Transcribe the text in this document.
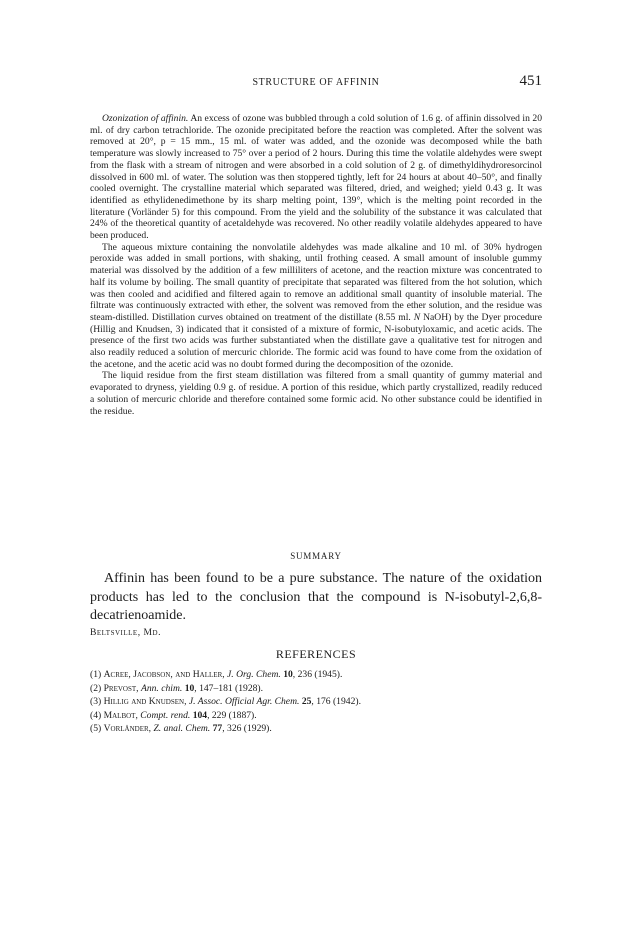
STRUCTURE OF AFFININ	451

Ozonization of affinin. An excess of ozone was bubbled through a cold solution of 1.6 g. of affinin dissolved in 20 ml. of dry carbon tetrachloride. The ozonide precipitated before the reaction was completed. After the solvent was removed at 20°, p = 15 mm., 15 ml. of water was added, and the ozonide was decomposed while the bath temperature was slowly increased to 75° over a period of 2 hours. During this time the volatile aldehydes were swept from the flask with a stream of nitrogen and were absorbed in a cold solution of 2 g. of dimethyldihydroresorcinol dissolved in 600 ml. of water. The solution was then stoppered tightly, left for 24 hours at about 40–50°, and finally cooled overnight. The crystalline material which separated was filtered, dried, and weighed; yield 0.43 g. It was identified as ethylidenedimethone by its sharp melting point, 139°, which is the melting point recorded in the literature (Vorländer 5) for this compound. From the yield and the solubility of the substance it was calculated that 24% of the theoretical quantity of acetaldehyde was recovered. No other readily volatile aldehydes appeared to have been produced.

The aqueous mixture containing the nonvolatile aldehydes was made alkaline and 10 ml. of 30% hydrogen peroxide was added in small portions, with shaking, until frothing ceased. A small amount of insoluble gummy material was dissolved by the addition of a few milliliters of acetone, and the reaction mixture was concentrated to half its volume by boiling. The small quantity of precipitate that separated was filtered from the hot solution, which was then cooled and acidified and filtered again to remove an additional small quantity of insoluble material. The filtrate was continuously extracted with ether, the solvent was removed from the ether solution, and the residue was steam-distilled. Distillation curves obtained on treatment of the distillate (8.55 ml. N NaOH) by the Dyer procedure (Hillig and Knudsen, 3) indicated that it consisted of a mixture of formic, N-isobutyloxamic, and acetic acids. The presence of the first two acids was further substantiated when the distillate gave a qualitative test for nitrogen and also readily reduced a solution of mercuric chloride. The formic acid was found to have come from the oxidation of the acetone, and the acetic acid was no doubt formed during the decomposition of the ozonide.

The liquid residue from the first steam distillation was filtered from a small quantity of gummy material and evaporated to dryness, yielding 0.9 g. of residue. A portion of this residue, which partly crystallized, readily reduced a solution of mercuric chloride and therefore contained some formic acid. No other substance could be identified in the residue.

SUMMARY

Affinin has been found to be a pure substance. The nature of the oxidation products has led to the conclusion that the compound is N-isobutyl-2,6,8-decatrienoamide.

Beltsville, Md.
REFERENCES
(1) Acree, Jacobson, and Haller, J. Org. Chem. 10, 236 (1945).
(2) Prevost, Ann. chim. 10, 147–181 (1928).
(3) Hillig and Knudsen, J. Assoc. Official Agr. Chem. 25, 176 (1942).
(4) Malbot, Compt. rend. 104, 229 (1887).
(5) Vorländer, Z. anal. Chem. 77, 326 (1929).
